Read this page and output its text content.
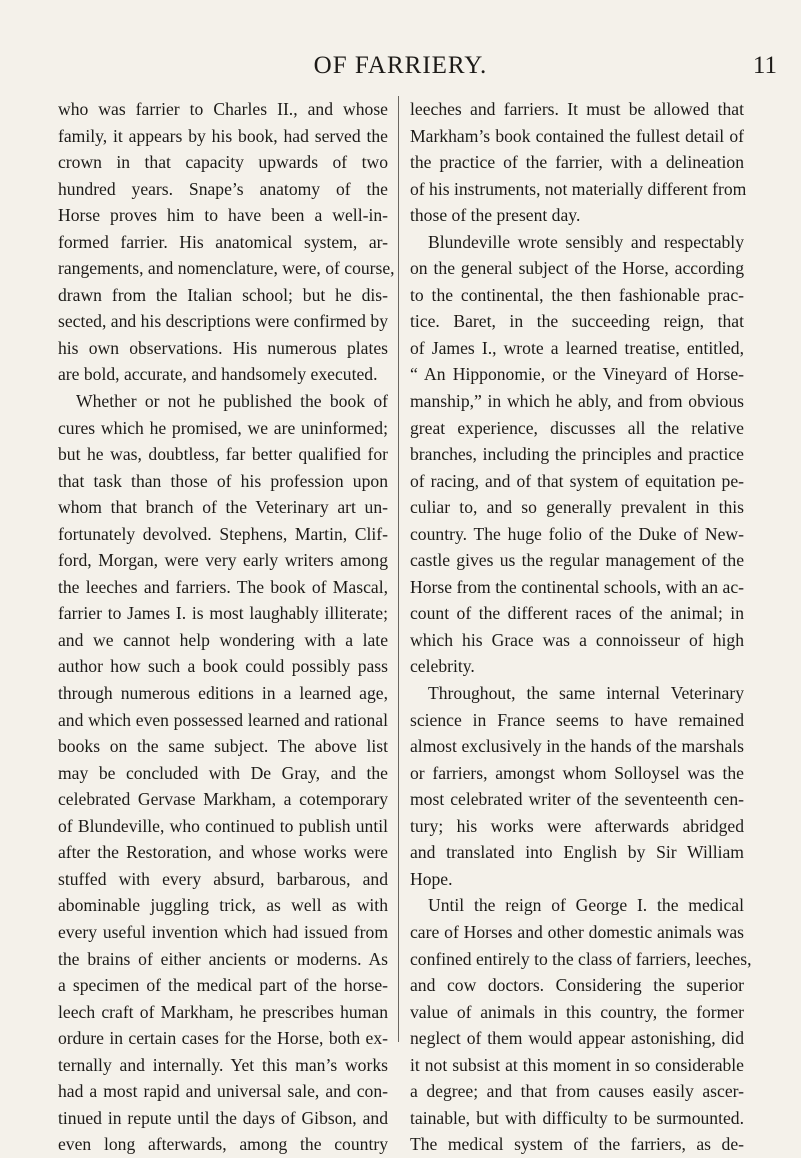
OF FARRIERY.	11
who was farrier to Charles II., and whose
family, it appears by his book, had served the
crown in that capacity upwards of two
hundred years. Snape’s anatomy of the
Horse proves him to have been a well-in-
formed farrier. His anatomical system, ar-
rangements, and nomenclature, were, of course,
drawn from the Italian school; but he dis-
sected, and his descriptions were confirmed by
his own observations. His numerous plates
are bold, accurate, and handsomely executed.
Whether or not he published the book of
cures which he promised, we are uninformed;
but he was, doubtless, far better qualified for
that task than those of his profession upon
whom that branch of the Veterinary art un-
fortunately devolved. Stephens, Martin, Clif-
ford, Morgan, were very early writers among
the leeches and farriers. The book of Mascal,
farrier to James I. is most laughably illiterate;
and we cannot help wondering with a late
author how such a book could possibly pass
through numerous editions in a learned age,
and which even possessed learned and rational
books on the same subject. The above list
may be concluded with De Gray, and the
celebrated Gervase Markham, a cotemporary
of Blundeville, who continued to publish until
after the Restoration, and whose works were
stuffed with every absurd, barbarous, and
abominable juggling trick, as well as with
every useful invention which had issued from
the brains of either ancients or moderns. As
a specimen of the medical part of the horse-
leech craft of Markham, he prescribes human
ordure in certain cases for the Horse, both ex-
ternally and internally. Yet this man’s works
had a most rapid and universal sale, and con-
tinued in repute until the days of Gibson, and
even long afterwards, among the country
leeches and farriers. It must be allowed that
Markham’s book contained the fullest detail of
the practice of the farrier, with a delineation
of his instruments, not materially different from
those of the present day.
Blundeville wrote sensibly and respectably
on the general subject of the Horse, according
to the continental, the then fashionable prac-
tice. Baret, in the succeeding reign, that
of James I., wrote a learned treatise, entitled,
“ An Hipponomie, or the Vineyard of Horse-
manship,” in which he ably, and from obvious
great experience, discusses all the relative
branches, including the principles and practice
of racing, and of that system of equitation pe-
culiar to, and so generally prevalent in this
country. The huge folio of the Duke of New-
castle gives us the regular management of the
Horse from the continental schools, with an ac-
count of the different races of the animal; in
which his Grace was a connoisseur of high
celebrity.
Throughout, the same internal Veterinary
science in France seems to have remained
almost exclusively in the hands of the marshals
or farriers, amongst whom Solloysel was the
most celebrated writer of the seventeenth cen-
tury; his works were afterwards abridged
and translated into English by Sir William
Hope.
Until the reign of George I. the medical
care of Horses and other domestic animals was
confined entirely to the class of farriers, leeches,
and cow doctors. Considering the superior
value of animals in this country, the former
neglect of them would appear astonishing, did
it not subsist at this moment in so considerable
a degree; and that from causes easily ascer-
tainable, but with difficulty to be surmounted.
The medical system of the farriers, as de-
